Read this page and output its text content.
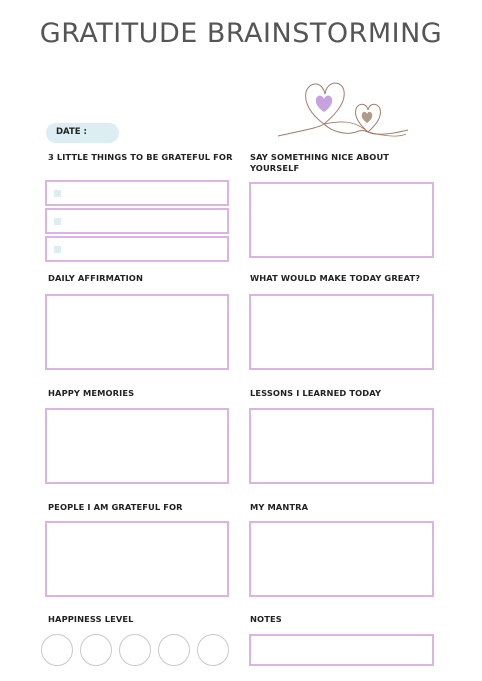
GRATITUDE BRAINSTORMING
DATE :
3 LITTLE THINGS TO BE GRATEFUL FOR SAY SOMETHING NICE ABOUT
YOURSELF
DAILY AFFIRMATION	WHAT WOULD MAKE TODAY GREAT?
HAPPY MEMORIES	LESSONS I LEARNED TODAY
PEOPLE I AM GRATEFUL FOR	MY MANTRA
HAPPINESS LEVEL	NOTES
